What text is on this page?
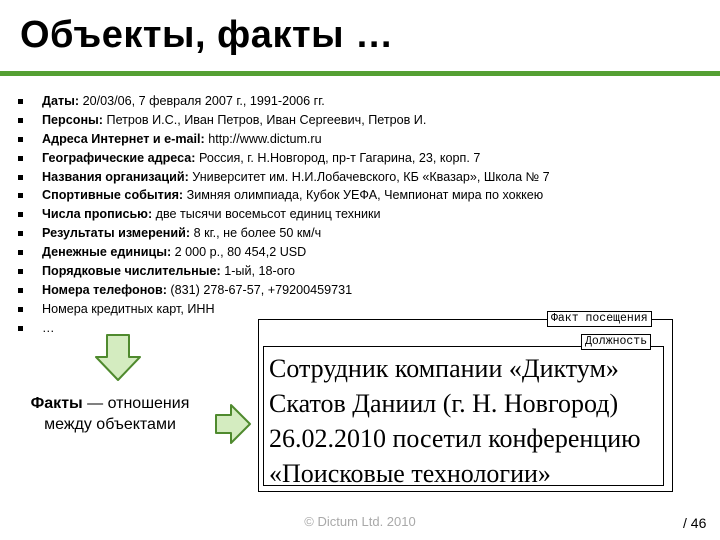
Объекты, факты …
Даты: 20/03/06, 7 февраля 2007 г., 1991-2006 гг.
Персоны: Петров И.С., Иван Петров, Иван Сергеевич, Петров И.
Адреса Интернет и e-mail: http://www.dictum.ru
Географические адреса: Россия, г. Н.Новгород, пр-т Гагарина, 23, корп. 7
Названия организаций: Университет им. Н.И.Лобачевского, КБ «Квазар», Школа № 7
Спортивные события: Зимняя олимпиада, Кубок УЕФА, Чемпионат мира по хоккею
Числа прописью: две тысячи восемьсот единиц техники
Результаты измерений: 8 кг., не более 50 км/ч
Денежные единицы: 2 000 р., 80 454,2 USD
Порядковые числительные: 1-ый, 18-ого
Номера телефонов: (831) 278-67-57, +79200459731
Номера кредитных карт, ИНН
…
Факты — отношения между объектами
Факт посещения
Должность
Сотрудник компании «Диктум»
Скатов Даниил (г. Н. Новгород)
26.02.2010 посетил конференцию
«Поисковые технологии»
© Dictum Ltd. 2010	/ 46
